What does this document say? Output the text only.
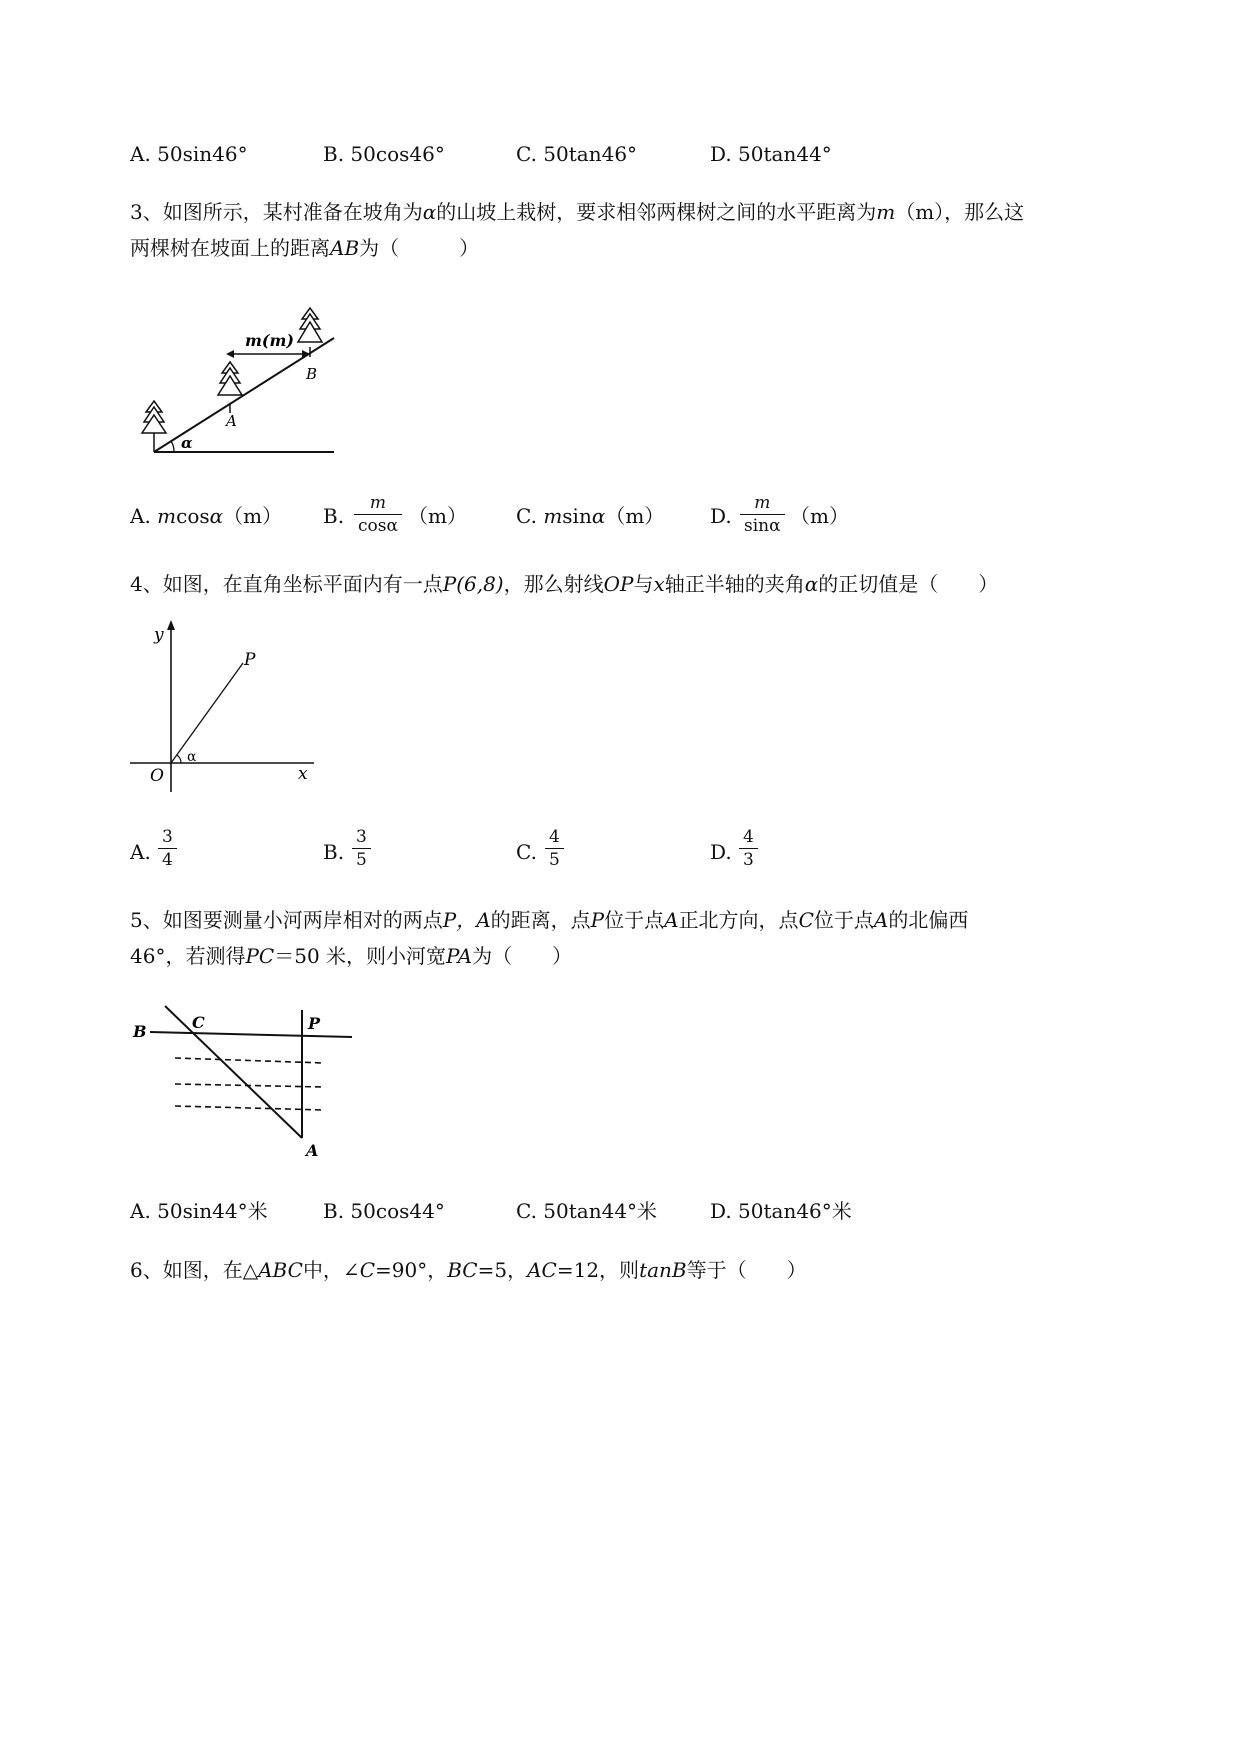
A. 50sin46°	B. 50cos46°	C. 50tan46°	D. 50tan44°
3、如图所示，某村准备在坡角为α的山坡上栽树，要求相邻两棵树之间的水平距离为m（m），那么这
两棵树在坡面上的距离AB为（　　　）
m(m)
B
A
α
A. mcosα（m） B. $\frac{m}{\cos\alpha} (m)$ C. msinα（m） D. $\frac{m}{\sin\alpha} (m)$
4、如图，在直角坐标平面内有一点P(6,8)，那么射线OP与x轴正半轴的夹角α的正切值是（　　）
y
P
O	x
α
A. $\frac{3}{4}$	B. $\frac{3}{5}$	C. $\frac{4}{5}$	D. $\frac{4}{3}$
5、如图要测量小河两岸相对的两点P，A的距离，点P位于点A正北方向，点C位于点A的北偏西
46°，若测得PC＝50 米，则小河宽PA为（　　）
B	C	P
A
A. 50sin44°米	B. 50cos44°	C. 50tan44°米	D. 50tan46°米
6、如图，在△ABC中，∠C=90°，BC=5，AC=12，则tanB等于（　　）
